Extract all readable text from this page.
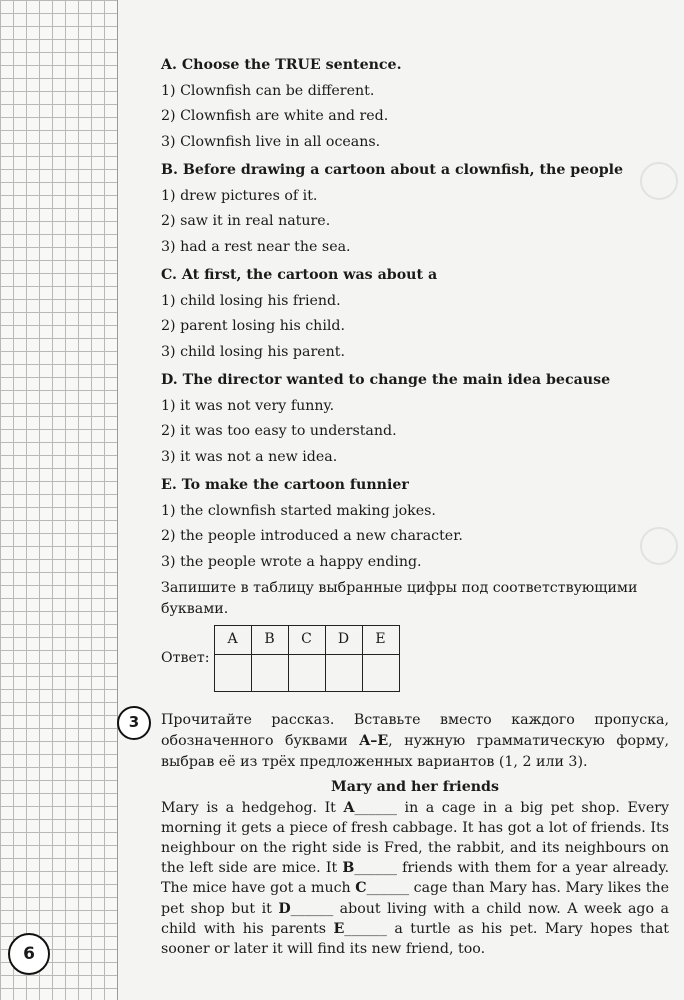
6
A. Choose the TRUE sentence.
1) Clownfish can be different.
2) Clownfish are white and red.
3) Clownfish live in all oceans.
B. Before drawing a cartoon about a clownfish, the people
1) drew pictures of it.
2) saw it in real nature.
3) had a rest near the sea.
C. At first, the cartoon was about a
1) child losing his friend.
2) parent losing his child.
3) child losing his parent.
D. The director wanted to change the main idea because
1) it was not very funny.
2) it was too easy to understand.
3) it was not a new idea.
E. To make the cartoon funnier
1) the clownfish started making jokes.
2) the people introduced a new character.
3) the people wrote a happy ending.
Запишите в таблицу выбранные цифры под соответствующими буквами.
Ответ:
A	B	C	D	E

3	Прочитайте рассказ. Вставьте вместо каждого пропуска, обозначенного буквами A–E, нужную грамматическую форму, выбрав её из трёх предложенных вариантов (1, 2 или 3).
Mary and her friends

Mary is a hedgehog. It A______ in a cage in a big pet shop. Every morning it gets a piece of fresh cabbage. It has got a lot of friends. Its neighbour on the right side is Fred, the rabbit, and its neighbours on the left side are mice. It B______ friends with them for a year already. The mice have got a much C______ cage than Mary has. Mary likes the pet shop but it D______ about living with a child now. A week ago a child with his parents E______ a turtle as his pet. Mary hopes that sooner or later it will find its new friend, too.
